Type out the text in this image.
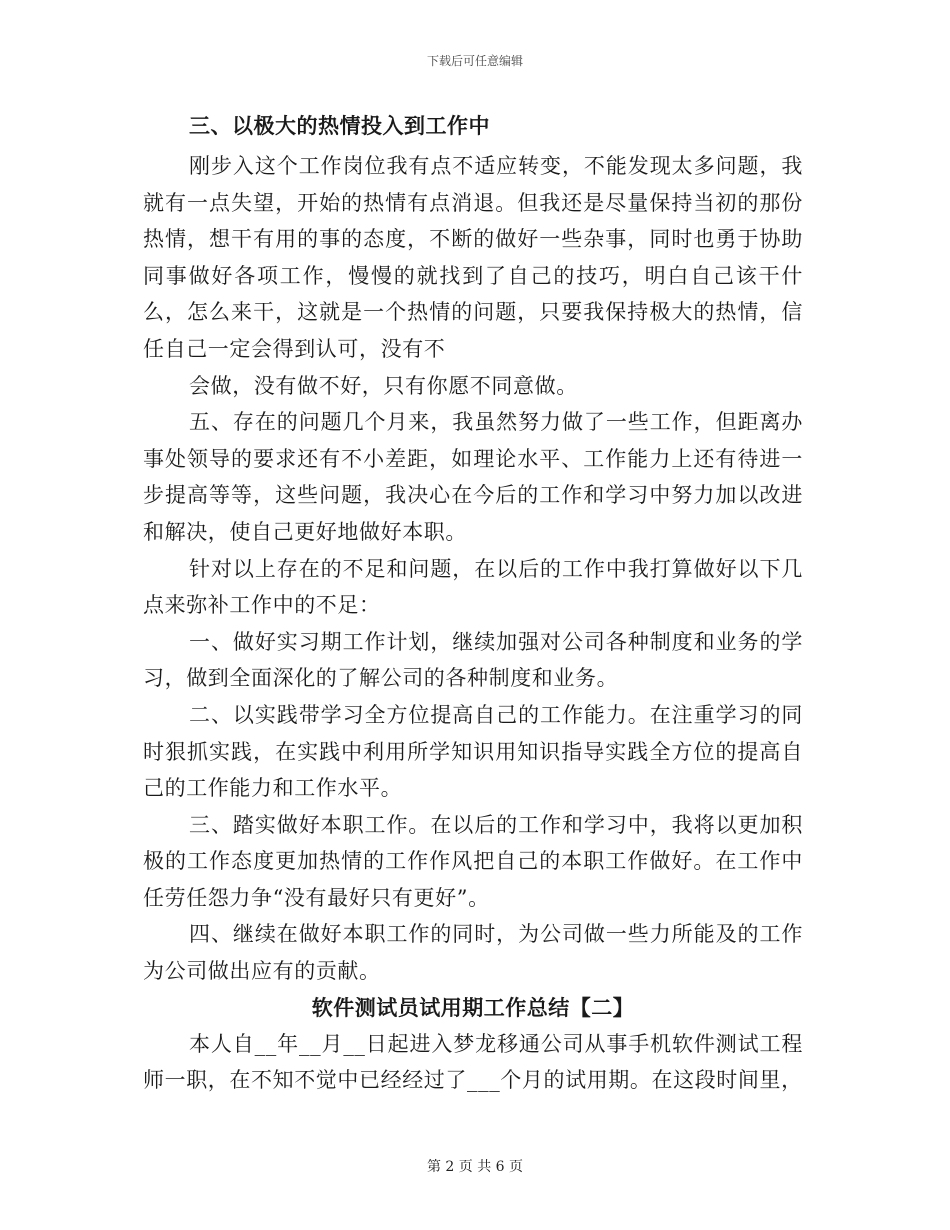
下载后可任意编辑
三、以极大的热情投入到工作中

刚步入这个工作岗位我有点不适应转变，不能发现太多问题，我就有一点失望，开始的热情有点消退。但我还是尽量保持当初的那份热情，想干有用的事的态度，不断的做好一些杂事，同时也勇于协助同事做好各项工作，慢慢的就找到了自己的技巧，明白自己该干什么，怎么来干，这就是一个热情的问题，只要我保持极大的热情，信任自己一定会得到认可，没有不

会做，没有做不好，只有你愿不同意做。

五、存在的问题几个月来，我虽然努力做了一些工作，但距离办事处领导的要求还有不小差距，如理论水平、工作能力上还有待进一步提高等等，这些问题，我决心在今后的工作和学习中努力加以改进和解决，使自己更好地做好本职。

针对以上存在的不足和问题，在以后的工作中我打算做好以下几点来弥补工作中的不足：

一、做好实习期工作计划，继续加强对公司各种制度和业务的学习，做到全面深化的了解公司的各种制度和业务。

二、以实践带学习全方位提高自己的工作能力。在注重学习的同时狠抓实践，在实践中利用所学知识用知识指导实践全方位的提高自己的工作能力和工作水平。

三、踏实做好本职工作。在以后的工作和学习中，我将以更加积极的工作态度更加热情的工作作风把自己的本职工作做好。在工作中任劳任怨力争“没有最好只有更好”。

四、继续在做好本职工作的同时，为公司做一些力所能及的工作为公司做出应有的贡献。

软件测试员试用期工作总结【二】

本人自__年__月__日起进入梦龙移通公司从事手机软件测试工程师一职，在不知不觉中已经经过了___个月的试用期。在这段时间里，

第 2 页 共 6 页
